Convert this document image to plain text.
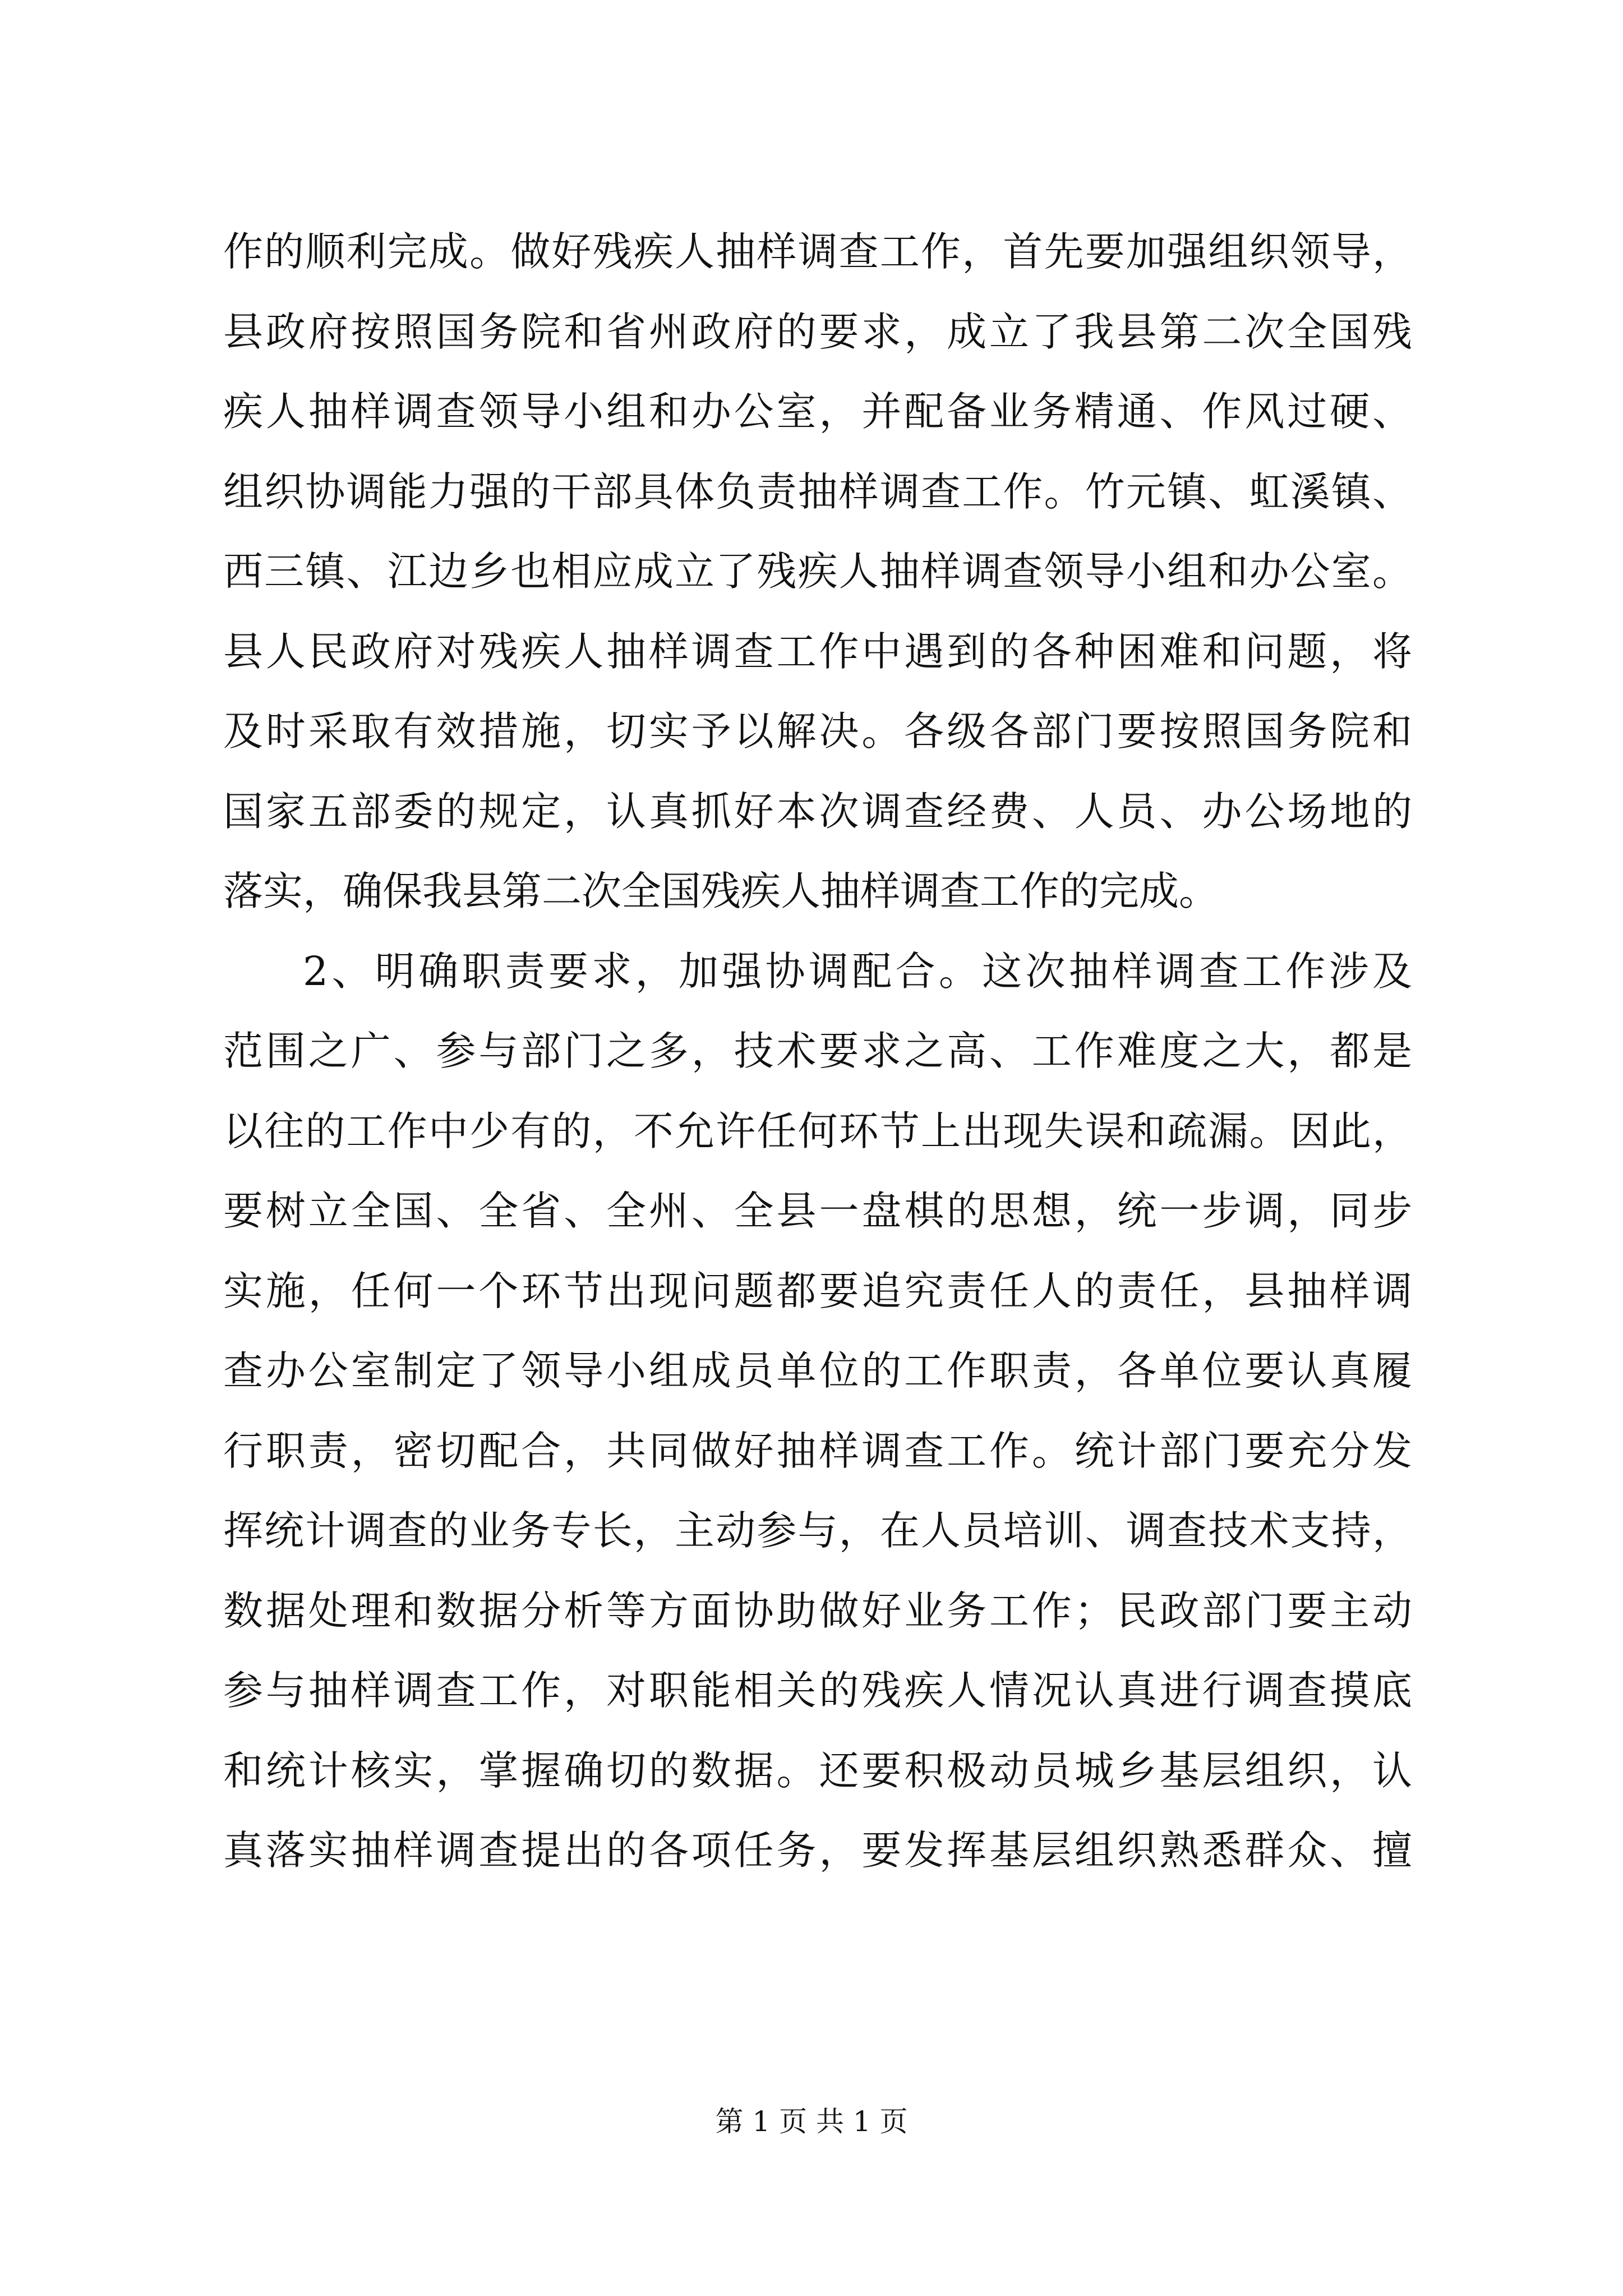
作的顺利完成。做好残疾人抽样调查工作，首先要加强组织领导，
县政府按照国务院和省州政府的要求，成立了我县第二次全国残
疾人抽样调查领导小组和办公室，并配备业务精通、作风过硬、
组织协调能力强的干部具体负责抽样调查工作。竹元镇、虹溪镇、
西三镇、江边乡也相应成立了残疾人抽样调查领导小组和办公室。
县人民政府对残疾人抽样调查工作中遇到的各种困难和问题，将
及时采取有效措施，切实予以解决。各级各部门要按照国务院和
国家五部委的规定，认真抓好本次调查经费、人员、办公场地的
落实，确保我县第二次全国残疾人抽样调查工作的完成。
2、明确职责要求，加强协调配合。这次抽样调查工作涉及
范围之广、参与部门之多，技术要求之高、工作难度之大，都是
以往的工作中少有的，不允许任何环节上出现失误和疏漏。因此，
要树立全国、全省、全州、全县一盘棋的思想，统一步调，同步
实施，任何一个环节出现问题都要追究责任人的责任，县抽样调
查办公室制定了领导小组成员单位的工作职责，各单位要认真履
行职责，密切配合，共同做好抽样调查工作。统计部门要充分发
挥统计调查的业务专长，主动参与，在人员培训、调查技术支持，
数据处理和数据分析等方面协助做好业务工作；民政部门要主动
参与抽样调查工作，对职能相关的残疾人情况认真进行调查摸底
和统计核实，掌握确切的数据。还要积极动员城乡基层组织，认
真落实抽样调查提出的各项任务，要发挥基层组织熟悉群众、擅
第 1 页 共 1 页
